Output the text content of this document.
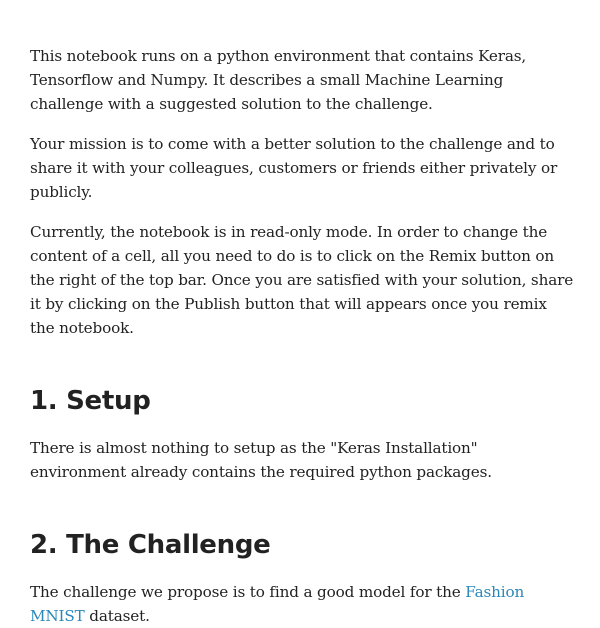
This notebook runs on a python environment that contains Keras, Tensorflow and Numpy. It describes a small Machine Learning challenge with a suggested solution to the challenge.

Your mission is to come with a better solution to the challenge and to share it with your colleagues, customers or friends either privately or publicly.

Currently, the notebook is in read-only mode. In order to change the content of a cell, all you need to do is to click on the Remix button on the right of the top bar. Once you are satisfied with your solution, share it by clicking on the Publish button that will appears once you remix the notebook.

1. Setup

There is almost nothing to setup as the "Keras Installation" environment already contains the required python packages.

2. The Challenge

The challenge we propose is to find a good model for the Fashion MNIST dataset.
